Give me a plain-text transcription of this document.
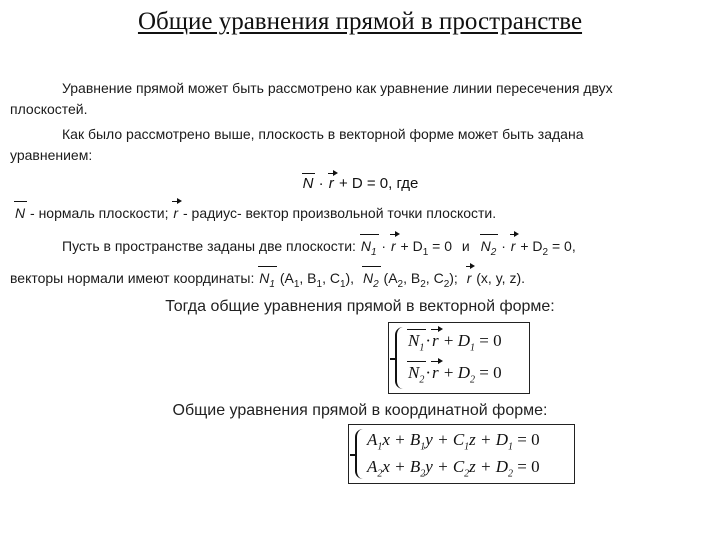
Общие уравнения прямой в пространстве
Уравнение прямой может быть рассмотрено как уравнение линии пересечения двух
плоскостей.
Как было рассмотрено выше, плоскость в векторной форме может быть задана
уравнением:
N · r + D = 0, где
N - нормаль плоскости; r - радиус- вектор произвольной точки плоскости.
Пусть в пространстве заданы две плоскости: $N_1 \cdot r + D_1 = 0$ и $N_2 \cdot r + D_2 = 0$,
векторы нормали имеют координаты: $N_1$ ($A_1$, $B_1$, $C_1$), $N_2$ ($A_2$, $B_2$, $C_2$); r (x, y, z).
Тогда общие уравнения прямой в векторной форме:
$N_1\cdot r + D_1 = 0$
$N_2\cdot r + D_2 = 0$
Общие уравнения прямой в координатной форме:
$A_1x + B_1y + C_1z + D_1 = 0$
$A_2x + B_2y + C_2z + D_2 = 0$
